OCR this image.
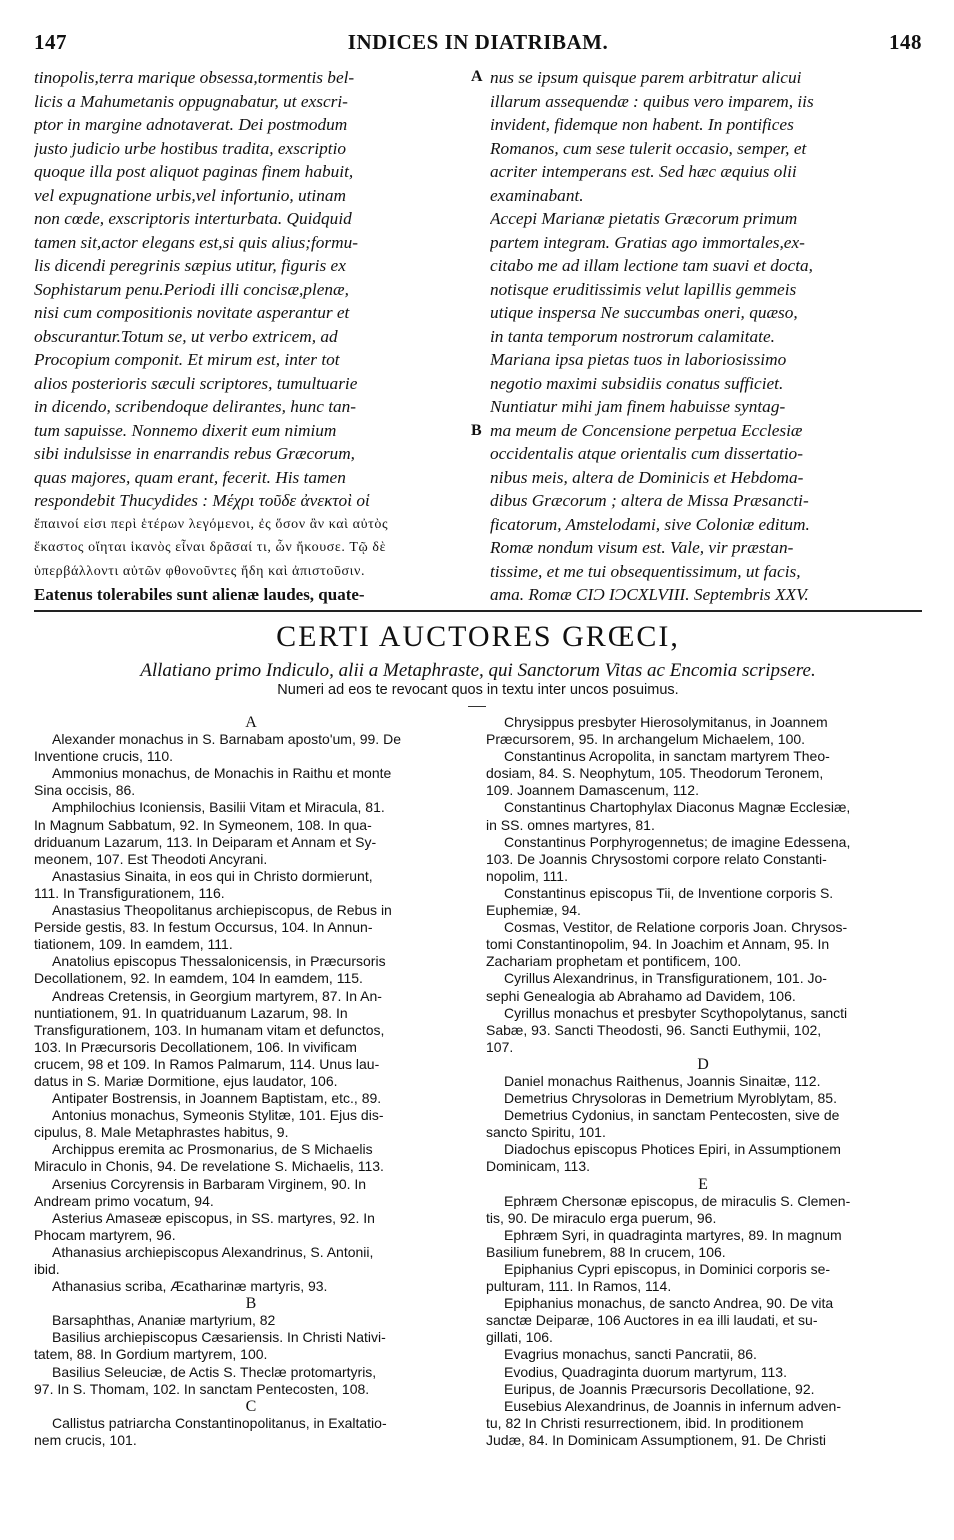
147	INDICES IN DIATRIBAM.	148
tinopolis,terra marique obsessa,tormentis bel-
licis a Mahumetanis oppugnabatur, ut exscri-
ptor in margine adnotaverat. Dei postmodum
justo judicio urbe hostibus tradita, exscriptio
quoque illa post aliquot paginas finem habuit,
vel expugnatione urbis,vel infortunio, utinam
non cœde, exscriptoris interturbata. Quidquid
tamen sit,actor elegans est,si quis alius;formu-
lis dicendi peregrinis sæpius utitur, figuris ex
Sophistarum penu.Periodi illi concisæ,plenæ,
nisi cum compositionis novitate asperantur et
obscurantur.Totum se, ut verbo extricem, ad
Procopium componit. Et mirum est, inter tot
alios posterioris sæculi scriptores, tumultuarie
in dicendo, scribendoque delirantes, hunc tan-
tum sapuisse. Nonnemo dixerit eum nimium
sibi indulsisse in enarrandis rebus Græcorum,
quas majores, quam erant, fecerit. His tamen
respondebit Thucydides : Μέχρι τοῦδε ἀνεκτοὶ οἱ
ἔπαινοί εἰσι περὶ ἑτέρων λεγόμενοι, ἐς ὅσον ἂν καὶ αὐτὸς
ἕκαστος οἴηται ἱκανὸς εἶναι δρᾶσαί τι, ὧν ἤκουσε. Τῷ δὲ
ὑπερβάλλοντι αὐτῶν φθονοῦντες ἤδη καὶ ἀπιστοῦσιν.
Eatenus tolerabiles sunt alienæ laudes, quate-
nus se ipsum quisque parem arbitratur alicui
illarum assequendæ : quibus vero imparem, iis
invident, fidemque non habent. In pontifices
Romanos, cum sese tulerit occasio, semper, et
acriter intemperans est. Sed hæc æquius olii
examinabant.
Accepi Marianæ pietatis Græcorum primum
partem integram. Gratias ago immortales,ex-
citabo me ad illam lectione tam suavi et docta,
notisque eruditissimis velut lapillis gemmeis
utique inspersa Ne succumbas oneri, quæso,
in tanta temporum nostrorum calamitate.
Mariana ipsa pietas tuos in laboriosissimo
negotio maximi subsidiis conatus sufficiet.
Nuntiatur mihi jam finem habuisse syntag-
ma meum de Concensione perpetua Ecclesiæ
occidentalis atque orientalis cum dissertatio-
nibus meis, altera de Dominicis et Hebdoma-
dibus Græcorum ; altera de Missa Præsancti-
ficatorum, Amstelodami, sive Coloniæ editum.
Romæ nondum visum est. Vale, vir præstan-
tissime, et me tui obsequentissimum, ut facis,
ama. Romæ CIƆ IƆCXLVIII. Septembris XXV.
A
B
CERTI AUCTORES GRŒCI,
Allatiano primo Indiculo, alii a Metaphraste, qui Sanctorum Vitas ac Encomia scripsere.
Numeri ad eos te revocant quos in textu inter uncos posuimus.
A
Alexander monachus in S. Barnabam aposto'um, 99. De
Inventione crucis, 110.
Ammonius monachus, de Monachis in Raithu et monte
Sina occisis, 86.
Amphilochius Iconiensis, Basilii Vitam et Miracula, 81.
In Magnum Sabbatum, 92. In Symeonem, 108. In qua-
driduanum Lazarum, 113. In Deiparam et Annam et Sy-
meonem, 107. Est Theodoti Ancyrani.
Anastasius Sinaita, in eos qui in Christo dormierunt,
111. In Transfigurationem, 116.
Anastasius Theopolitanus archiepiscopus, de Rebus in
Perside gestis, 83. In festum Occursus, 104. In Annun-
tiationem, 109. In eamdem, 111.
Anatolius episcopus Thessalonicensis, in Præcursoris
Decollationem, 92. In eamdem, 104 In eamdem, 115.
Andreas Cretensis, in Georgium martyrem, 87. In An-
nuntiationem, 91. In quatriduanum Lazarum, 98. In
Transfigurationem, 103. In humanam vitam et defunctos,
103. In Præcursoris Decollationem, 106. In vivificam
crucem, 98 et 109. In Ramos Palmarum, 114. Unus lau-
datus in S. Mariæ Dormitione, ejus laudator, 106.
Antipater Bostrensis, in Joannem Baptistam, etc., 89.
Antonius monachus, Symeonis Stylitæ, 101. Ejus dis-
cipulus, 8. Male Metaphrastes habitus, 9.
Archippus eremita ac Prosmonarius, de S Michaelis
Miraculo in Chonis, 94. De revelatione S. Michaelis, 113.
Arsenius Corcyrensis in Barbaram Virginem, 90. In
Andream primo vocatum, 94.
Asterius Amaseæ episcopus, in SS. martyres, 92. In
Phocam martyrem, 96.
Athanasius archiepiscopus Alexandrinus, S. Antonii,
ibid.
Athanasius scriba, Æcatharinæ martyris, 93.
B
Barsaphthas, Ananiæ martyrium, 82
Basilius archiepiscopus Cæsariensis. In Christi Nativi-
tatem, 88. In Gordium martyrem, 100.
Basilius Seleuciæ, de Actis S. Theclæ protomartyris,
97. In S. Thomam, 102. In sanctam Pentecosten, 108.
C
Callistus patriarcha Constantinopolitanus, in Exaltatio-
nem crucis, 101.
Chrysippus presbyter Hierosolymitanus, in Joannem
Præcursorem, 95. In archangelum Michaelem, 100.
Constantinus Acropolita, in sanctam martyrem Theo-
dosiam, 84. S. Neophytum, 105. Theodorum Teronem,
109. Joannem Damascenum, 112.
Constantinus Chartophylax Diaconus Magnæ Ecclesiæ,
in SS. omnes martyres, 81.
Constantinus Porphyrogennetus; de imagine Edessena,
103. De Joannis Chrysostomi corpore relato Constanti-
nopolim, 111.
Constantinus episcopus Tii, de Inventione corporis S.
Euphemiæ, 94.
Cosmas, Vestitor, de Relatione corporis Joan. Chrysos-
tomi Constantinopolim, 94. In Joachim et Annam, 95. In
Zachariam prophetam et pontificem, 100.
Cyrillus Alexandrinus, in Transfigurationem, 101. Jo-
sephi Genealogia ab Abrahamo ad Davidem, 106.
Cyrillus monachus et presbyter Scythopolytanus, sancti
Sabæ, 93. Sancti Theodosti, 96. Sancti Euthymii, 102,
107.
D
Daniel monachus Raithenus, Joannis Sinaitæ, 112.
Demetrius Chrysoloras in Demetrium Myroblytam, 85.
Demetrius Cydonius, in sanctam Pentecosten, sive de
sancto Spiritu, 101.
Diadochus episcopus Photices Epiri, in Assumptionem
Dominicam, 113.
E
Ephræm Chersonæ episcopus, de miraculis S. Clemen-
tis, 90. De miraculo erga puerum, 96.
Ephræm Syri, in quadraginta martyres, 89. In magnum
Basilium funebrem, 88 In crucem, 106.
Epiphanius Cypri episcopus, in Dominici corporis se-
pulturam, 111. In Ramos, 114.
Epiphanius monachus, de sancto Andrea, 90. De vita
sanctæ Deiparæ, 106 Auctores in ea illi laudati, et su-
gillati, 106.
Evagrius monachus, sancti Pancratii, 86.
Evodius, Quadraginta duorum martyrum, 113.
Euripus, de Joannis Præcursoris Decollatione, 92.
Eusebius Alexandrinus, de Joannis in infernum adven-
tu, 82 In Christi resurrectionem, ibid. In proditionem
Judæ, 84. In Dominicam Assumptionem, 91. De Christi
